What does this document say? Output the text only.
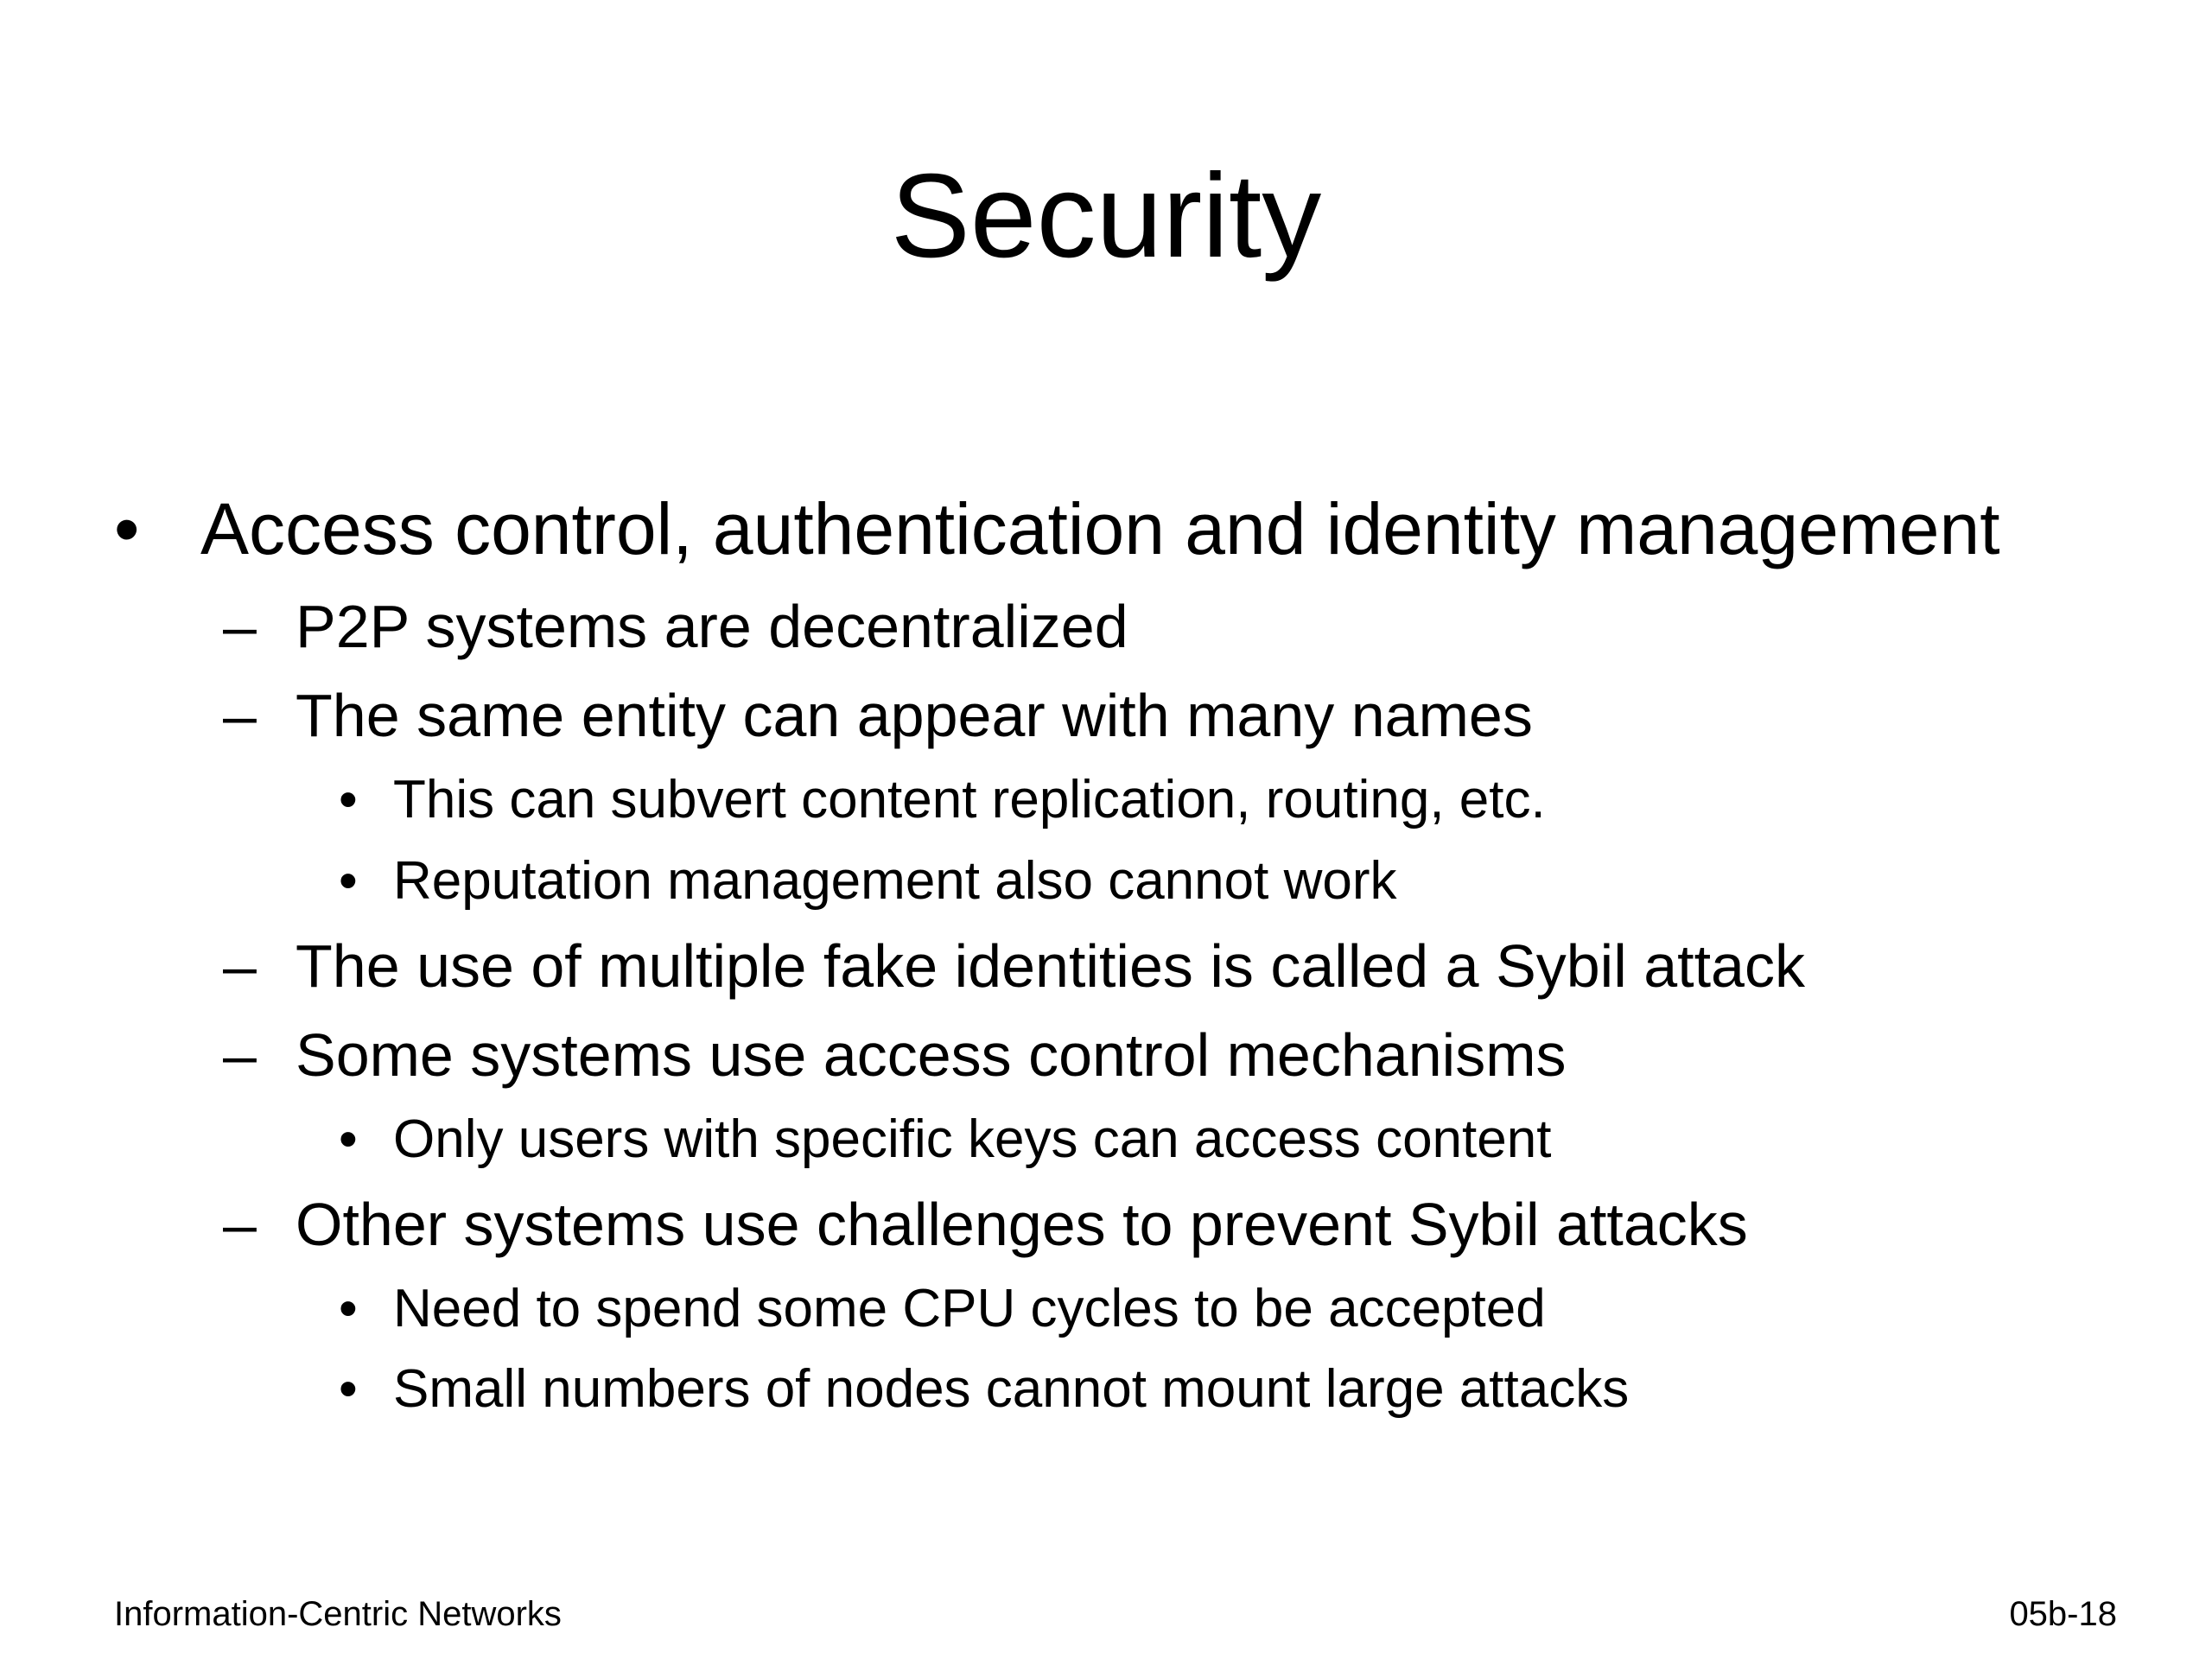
Security
• Access control, authentication and identity management
– P2P systems are decentralized
– The same entity can appear with many names
• This can subvert content replication, routing, etc.
• Reputation management also cannot work
– The use of multiple fake identities is called a Sybil attack
– Some systems use access control mechanisms
• Only users with specific keys can access content
– Other systems use challenges to prevent Sybil attacks
• Need to spend some CPU cycles to be accepted
• Small numbers of nodes cannot mount large attacks
Information-Centric Networks	05b-18
